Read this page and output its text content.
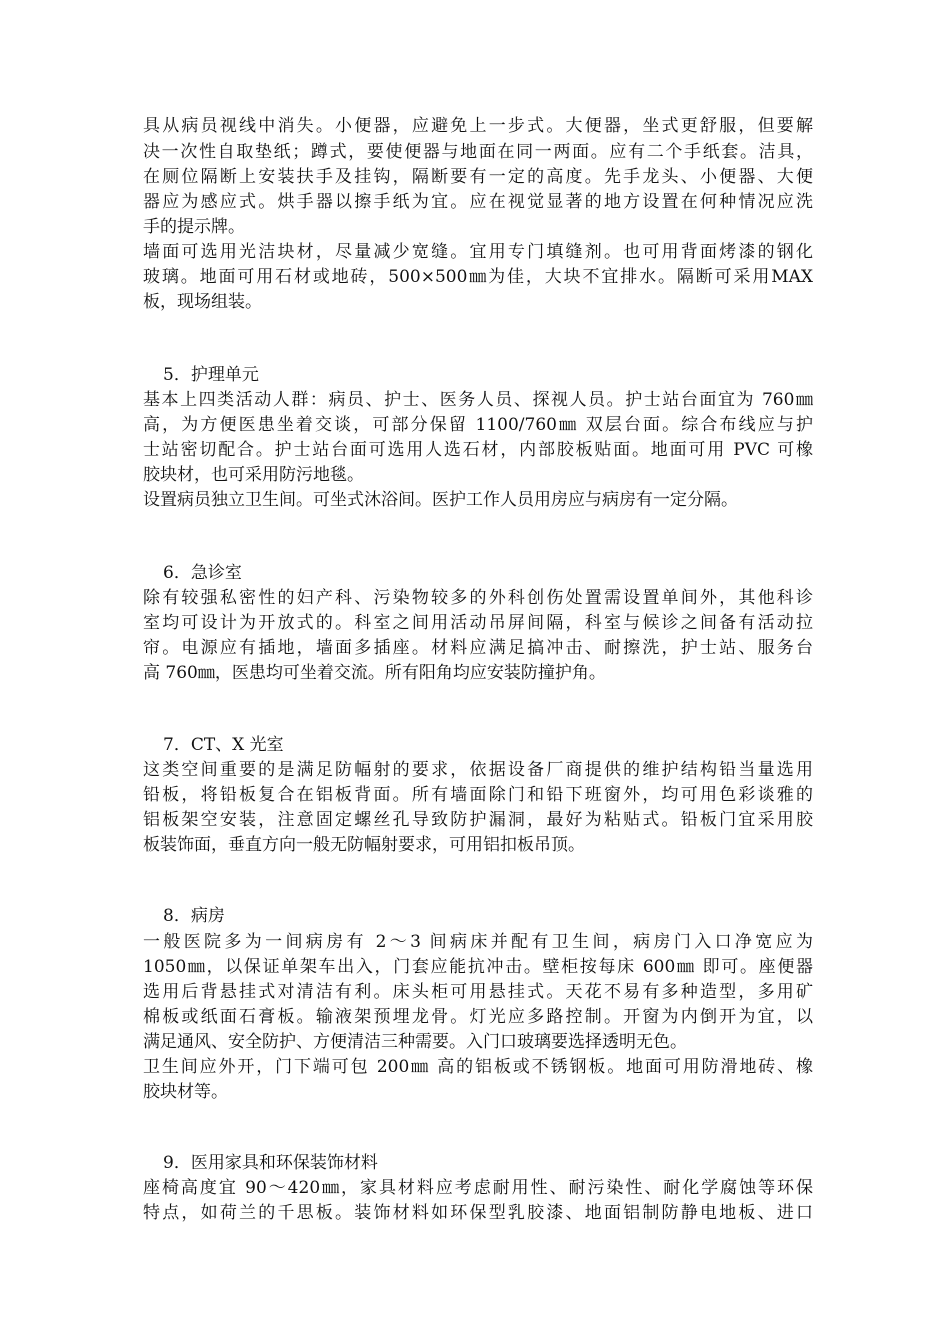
具从病员视线中消失。小便器，应避免上一步式。大便器，坐式更舒服，但要解
决一次性自取垫纸；蹲式，要使便器与地面在同一两面。应有二个手纸套。洁具，
在厕位隔断上安装扶手及挂钩，隔断要有一定的高度。先手龙头、小便器、大便
器应为感应式。烘手器以擦手纸为宜。应在视觉显著的地方设置在何种情况应洗
手的提示牌。
墙面可选用光洁块材，尽量减少宽缝。宜用专门填缝剂。也可用背面烤漆的钢化
玻璃。地面可用石材或地砖，500×500㎜为佳，大块不宜排水。隔断可采用MAX
板，现场组装。
5．护理单元
基本上四类活动人群：病员、护士、医务人员、探视人员。护士站台面宜为 760㎜
高，为方便医患坐着交谈，可部分保留 1100/760㎜ 双层台面。综合布线应与护
士站密切配合。护士站台面可选用人选石材，内部胶板贴面。地面可用 PVC 可橡
胶块材，也可采用防污地毯。
设置病员独立卫生间。可坐式沐浴间。医护工作人员用房应与病房有一定分隔。
6．急诊室
除有较强私密性的妇产科、污染物较多的外科创伤处置需设置单间外，其他科诊
室均可设计为开放式的。科室之间用活动吊屏间隔，科室与候诊之间备有活动拉
帘。电源应有插地，墙面多插座。材料应满足搞冲击、耐擦洗，护士站、服务台
高 760㎜，医患均可坐着交流。所有阳角均应安装防撞护角。
7．CT、X 光室
这类空间重要的是满足防幅射的要求，依据设备厂商提供的维护结构铅当量选用
铅板，将铅板复合在铝板背面。所有墙面除门和铅下班窗外，均可用色彩谈雅的
铝板架空安装，注意固定螺丝孔导致防护漏洞，最好为粘贴式。铅板门宜采用胶
板装饰面，垂直方向一般无防幅射要求，可用铝扣板吊顶。
8．病房
一般医院多为一间病房有 2～3 间病床并配有卫生间，病房门入口净宽应为
1050㎜，以保证单架车出入，门套应能抗冲击。壁柜按每床 600㎜ 即可。座便器
选用后背悬挂式对清洁有利。床头柜可用悬挂式。天花不易有多种造型，多用矿
棉板或纸面石膏板。输液架预埋龙骨。灯光应多路控制。开窗为内倒开为宜，以
满足通风、安全防护、方便清洁三种需要。入门口玻璃要选择透明无色。
卫生间应外开，门下端可包 200㎜ 高的铝板或不锈钢板。地面可用防滑地砖、橡
胶块材等。
9．医用家具和环保装饰材料
座椅高度宜 90～420㎜，家具材料应考虑耐用性、耐污染性、耐化学腐蚀等环保
特点，如荷兰的千思板。装饰材料如环保型乳胶漆、地面铝制防静电地板、进口
